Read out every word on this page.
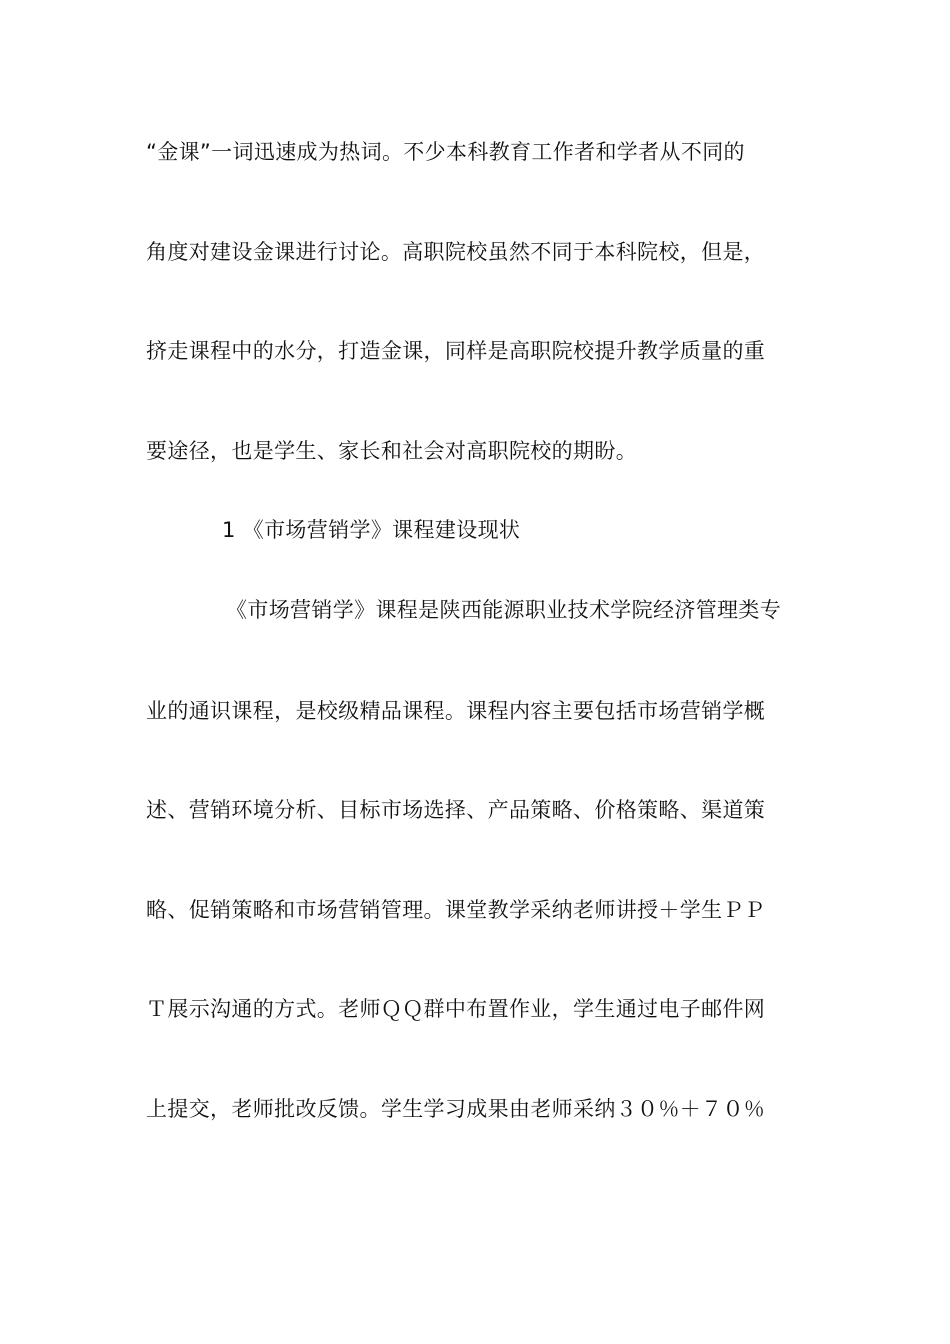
“金课”一词迅速成为热词。不少本科教育工作者和学者从不同的
角度对建设金课进行讨论。高职院校虽然不同于本科院校，但是，
挤走课程中的水分，打造金课，同样是高职院校提升教学质量的重
要途径，也是学生、家长和社会对高职院校的期盼。
1 《市场营销学》课程建设现状
《市场营销学》课程是陕西能源职业技术学院经济管理类专
业的通识课程，是校级精品课程。课程内容主要包括市场营销学概
述、营销环境分析、目标市场选择、产品策略、价格策略、渠道策
略、促销策略和市场营销管理。课堂教学采纳老师讲授＋学生ＰＰ
Ｔ展示沟通的方式。老师ＱＱ群中布置作业，学生通过电子邮件网
上提交，老师批改反馈。学生学习成果由老师采纳３０％＋７０％
